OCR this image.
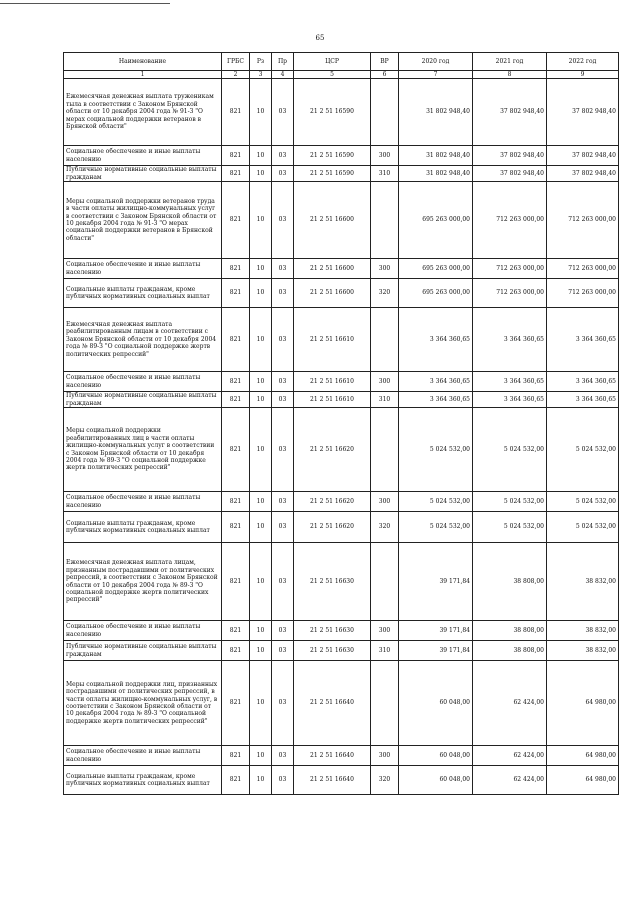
65
Наименование	ГРБС	Рз	Пр	ЦСР	ВР	2020 год	2021 год	2022 год
1	2	3	4	5	6	7	8	9
Ежемесячная денежная выплата труженикам тыла в соответствии с Законом Брянской области от 10 декабря 2004 года № 91-З "О мерах социальной поддержки ветеранов в Брянской области"	821	10	03	21 2 51 16590		31 802 948,40	37 802 948,40	37 802 948,40
Социальное обеспечение и иные выплаты населению	821	10	03	21 2 51 16590	300	31 802 948,40	37 802 948,40	37 802 948,40
Публичные нормативные социальные выплаты гражданам	821	10	03	21 2 51 16590	310	31 802 948,40	37 802 948,40	37 802 948,40
Меры социальной поддержки ветеранов труда в части оплаты жилищно-коммунальных услуг в соответствии с Законом Брянской области от 10 декабря 2004 года № 91-З "О мерах социальной поддержки ветеранов в Брянской области"	821	10	03	21 2 51 16600		695 263 000,00	712 263 000,00	712 263 000,00
Социальное обеспечение и иные выплаты населению	821	10	03	21 2 51 16600	300	695 263 000,00	712 263 000,00	712 263 000,00
Социальные выплаты гражданам, кроме публичных нормативных социальных выплат	821	10	03	21 2 51 16600	320	695 263 000,00	712 263 000,00	712 263 000,00
Ежемесячная денежная выплата реабилитированным лицам в соответствии с Законом Брянской области от 10 декабря 2004 года № 89-З "О социальной поддержке жертв политических репрессий"	821	10	03	21 2 51 16610		3 364 360,65	3 364 360,65	3 364 360,65
Социальное обеспечение и иные выплаты населению	821	10	03	21 2 51 16610	300	3 364 360,65	3 364 360,65	3 364 360,65
Публичные нормативные социальные выплаты гражданам	821	10	03	21 2 51 16610	310	3 364 360,65	3 364 360,65	3 364 360,65
Меры социальной поддержки реабилитированных лиц в части оплаты жилищно-коммунальных услуг в соответствии с Законом Брянской области от 10 декабря 2004 года № 89-З "О социальной поддержке жертв политических репрессий"	821	10	03	21 2 51 16620		5 024 532,00	5 024 532,00	5 024 532,00
Социальное обеспечение и иные выплаты населению	821	10	03	21 2 51 16620	300	5 024 532,00	5 024 532,00	5 024 532,00
Социальные выплаты гражданам, кроме публичных нормативных социальных выплат	821	10	03	21 2 51 16620	320	5 024 532,00	5 024 532,00	5 024 532,00
Ежемесячная денежная выплата лицам, признанным пострадавшими от политических репрессий, в соответствии с Законом Брянской области от 10 декабря 2004 года № 89-З "О социальной поддержке жертв политических репрессий"	821	10	03	21 2 51 16630		39 171,84	38 808,00	38 832,00
Социальное обеспечение и иные выплаты населению	821	10	03	21 2 51 16630	300	39 171,84	38 808,00	38 832,00
Публичные нормативные социальные выплаты гражданам	821	10	03	21 2 51 16630	310	39 171,84	38 808,00	38 832,00
Меры социальной поддержки лиц, признанных пострадавшими от политических репрессий, в части оплаты жилищно-коммунальных услуг, в соответствии с Законом Брянской области от 10 декабря 2004 года № 89-З "О социальной поддержке жертв политических репрессий"	821	10	03	21 2 51 16640		60 048,00	62 424,00	64 980,00
Социальное обеспечение и иные выплаты населению	821	10	03	21 2 51 16640	300	60 048,00	62 424,00	64 980,00
Социальные выплаты гражданам, кроме публичных нормативных социальных выплат	821	10	03	21 2 51 16640	320	60 048,00	62 424,00	64 980,00
